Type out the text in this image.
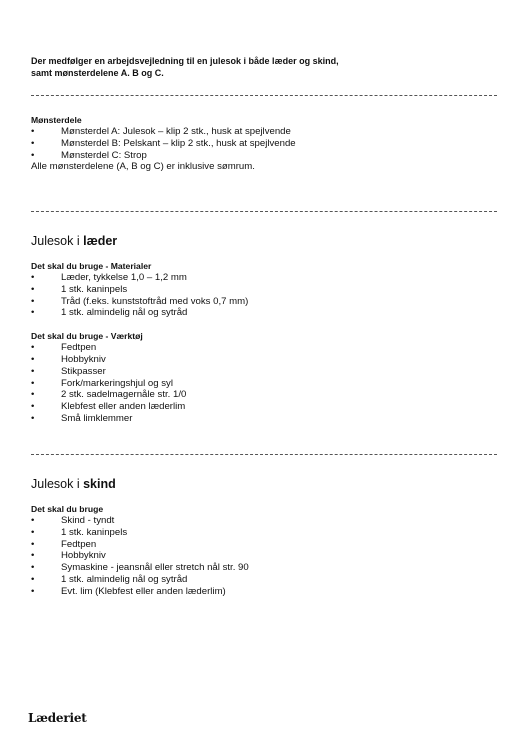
Der medfølger en arbejdsvejledning til en julesok i både læder og skind,
samt mønsterdelene A. B og C.
Mønsterdele
• Mønsterdel A: Julesok – klip 2 stk., husk at spejlvende
• Mønsterdel B: Pelskant – klip 2 stk., husk at spejlvende
• Mønsterdel C: Strop
Alle mønsterdelene (A, B og C) er inklusive sømrum.
Julesok i læder
Det skal du bruge - Materialer
• Læder, tykkelse 1,0 – 1,2 mm
• 1 stk. kaninpels
• Tråd (f.eks. kunststoftråd med voks 0,7 mm)
• 1 stk. almindelig nål og sytråd
Det skal du bruge - Værktøj
• Fedtpen
• Hobbykniv
• Stikpasser
• Fork/markeringshjul og syl
• 2 stk. sadelmagernåle str. 1/0
• Klebfest eller anden læderlim
• Små limklemmer
Julesok i skind
Det skal du bruge
• Skind - tyndt
• 1 stk. kaninpels
• Fedtpen
• Hobbykniv
• Symaskine - jeansnål eller stretch nål str. 90
• 1 stk. almindelig nål og sytråd
• Evt. lim (Klebfest eller anden læderlim)
Læderiet
